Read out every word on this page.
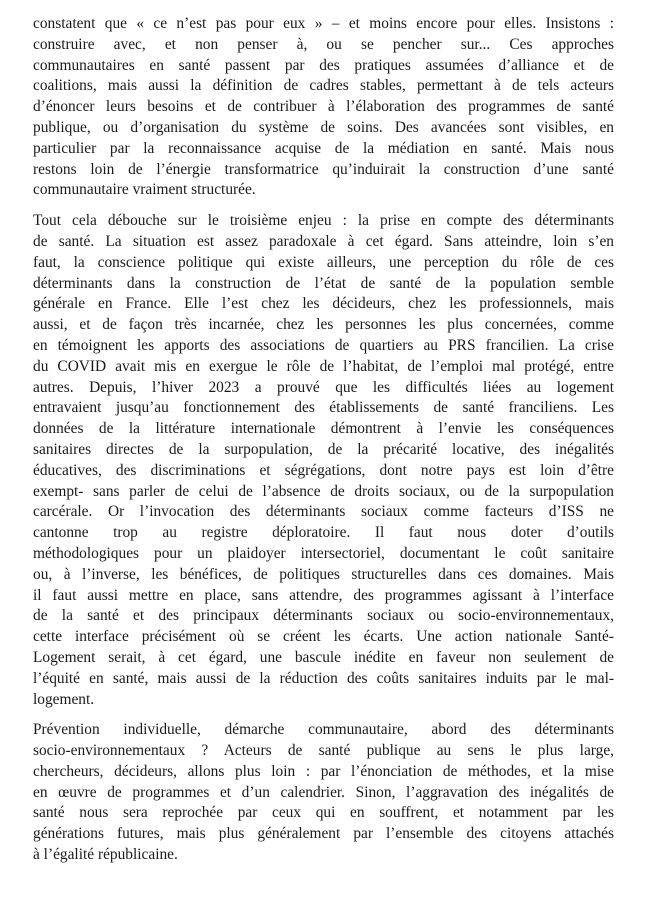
constatent que « ce n’est pas pour eux » – et moins encore pour elles. Insistons :
construire avec, et non penser à, ou se pencher sur... Ces approches
communautaires en santé passent par des pratiques assumées d’alliance et de
coalitions, mais aussi la définition de cadres stables, permettant à de tels acteurs
d’énoncer leurs besoins et de contribuer à l’élaboration des programmes de santé
publique, ou d’organisation du système de soins. Des avancées sont visibles, en
particulier par la reconnaissance acquise de la médiation en santé. Mais nous
restons loin de l’énergie transformatrice qu’induirait la construction d’une santé
communautaire vraiment structurée.

Tout cela débouche sur le troisième enjeu : la prise en compte des déterminants
de santé. La situation est assez paradoxale à cet égard. Sans atteindre, loin s’en
faut, la conscience politique qui existe ailleurs, une perception du rôle de ces
déterminants dans la construction de l’état de santé de la population semble
générale en France. Elle l’est chez les décideurs, chez les professionnels, mais
aussi, et de façon très incarnée, chez les personnes les plus concernées, comme
en témoignent les apports des associations de quartiers au PRS francilien. La crise
du COVID avait mis en exergue le rôle de l’habitat, de l’emploi mal protégé, entre
autres. Depuis, l’hiver 2023 a prouvé que les difficultés liées au logement
entravaient jusqu’au fonctionnement des établissements de santé franciliens. Les
données de la littérature internationale démontrent à l’envie les conséquences
sanitaires directes de la surpopulation, de la précarité locative, des inégalités
éducatives, des discriminations et ségrégations, dont notre pays est loin d’être
exempt- sans parler de celui de l’absence de droits sociaux, ou de la surpopulation
carcérale. Or l’invocation des déterminants sociaux comme facteurs d’ISS ne
cantonne trop au registre déploratoire. Il faut nous doter d’outils
méthodologiques pour un plaidoyer intersectoriel, documentant le coût sanitaire
ou, à l’inverse, les bénéfices, de politiques structurelles dans ces domaines. Mais
il faut aussi mettre en place, sans attendre, des programmes agissant à l’interface
de la santé et des principaux déterminants sociaux ou socio-environnementaux,
cette interface précisément où se créent les écarts. Une action nationale Santé-
Logement serait, à cet égard, une bascule inédite en faveur non seulement de
l’équité en santé, mais aussi de la réduction des coûts sanitaires induits par le mal-
logement.

Prévention individuelle, démarche communautaire, abord des déterminants
socio-environnementaux ? Acteurs de santé publique au sens le plus large,
chercheurs, décideurs, allons plus loin : par l’énonciation de méthodes, et la mise
en œuvre de programmes et d’un calendrier. Sinon, l’aggravation des inégalités de
santé nous sera reprochée par ceux qui en souffrent, et notamment par les
générations futures, mais plus généralement par l’ensemble des citoyens attachés
à l’égalité républicaine.
